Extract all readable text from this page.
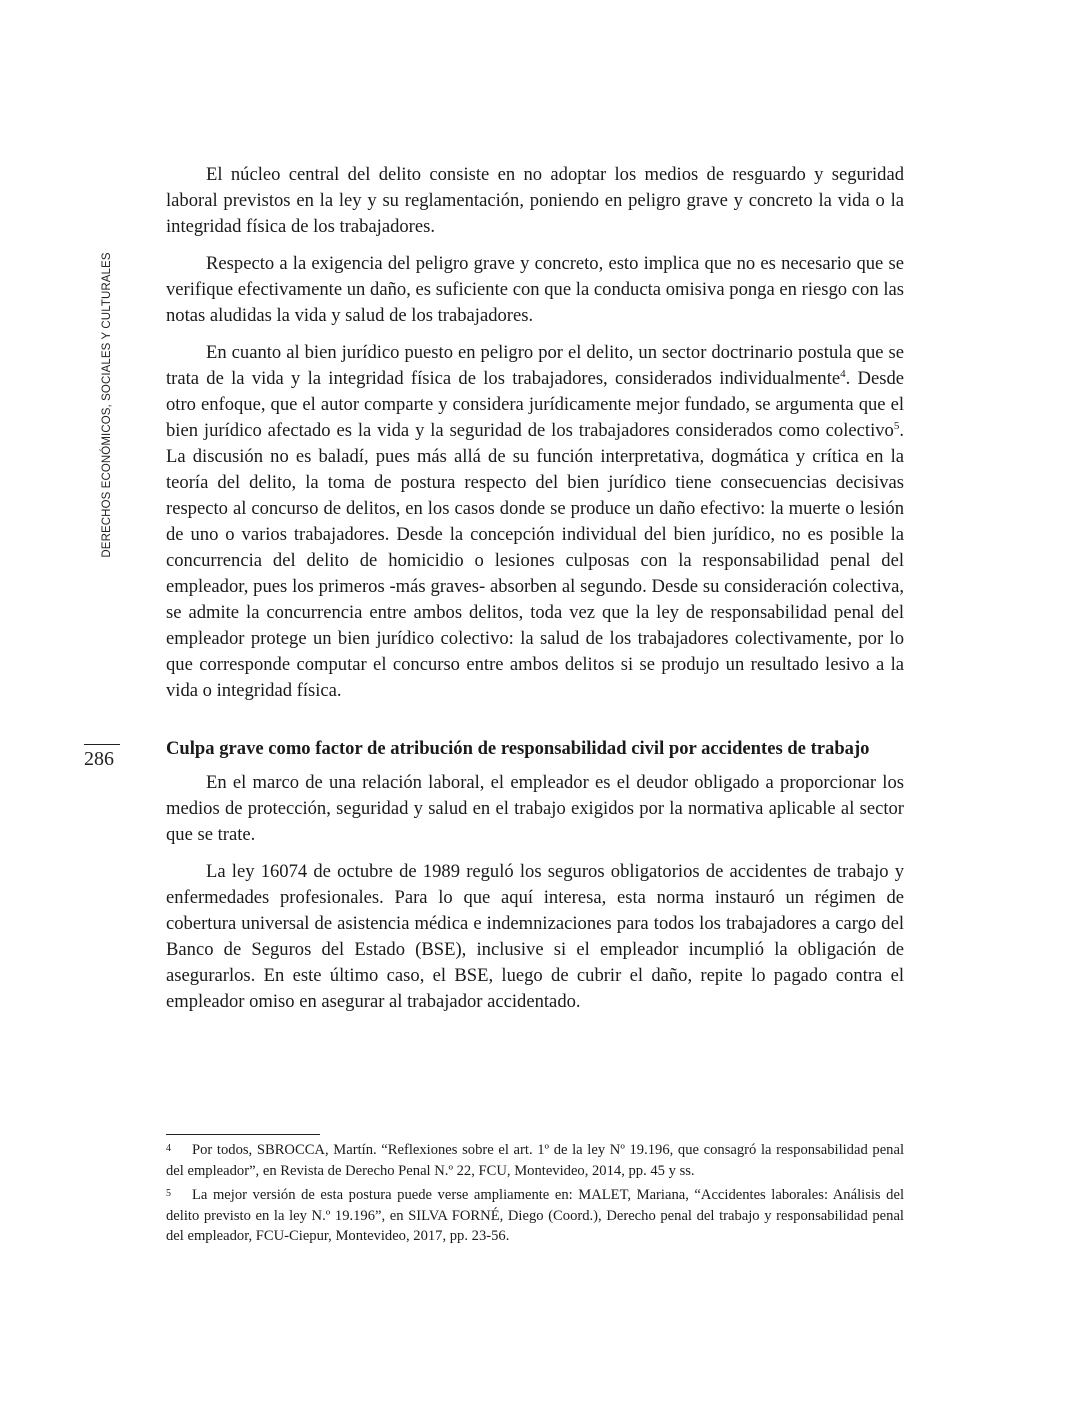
DERECHOS ECONÓMICOS, SOCIALES Y CULTURALES
286

El núcleo central del delito consiste en no adoptar los medios de resguardo y seguridad laboral previstos en la ley y su reglamentación, poniendo en peligro grave y concreto la vida o la integridad física de los trabajadores.

Respecto a la exigencia del peligro grave y concreto, esto implica que no es necesario que se verifique efectivamente un daño, es suficiente con que la conducta omisiva ponga en riesgo con las notas aludidas la vida y salud de los trabajadores.

En cuanto al bien jurídico puesto en peligro por el delito, un sector doctrinario postula que se trata de la vida y la integridad física de los trabajadores, considerados individualmente$^4$. Desde otro enfoque, que el autor comparte y considera jurídicamente mejor fundado, se argumenta que el bien jurídico afectado es la vida y la seguridad de los trabajadores considerados como colectivo$^5$. La discusión no es baladí, pues más allá de su función interpretativa, dogmática y crítica en la teoría del delito, la toma de postura respecto del bien jurídico tiene consecuencias decisivas respecto al concurso de delitos, en los casos donde se produce un daño efectivo: la muerte o lesión de uno o varios trabajadores. Desde la concepción individual del bien jurídico, no es posible la concurrencia del delito de homicidio o lesiones culposas con la responsabilidad penal del empleador, pues los primeros -más graves- absorben al segundo. Desde su consideración colectiva, se admite la concurrencia entre ambos delitos, toda vez que la ley de responsabilidad penal del empleador protege un bien jurídico colectivo: la salud de los trabajadores colectivamente, por lo que corresponde computar el concurso entre ambos delitos si se produjo un resultado lesivo a la vida o integridad física.

Culpa grave como factor de atribución de responsabilidad civil por accidentes de trabajo

En el marco de una relación laboral, el empleador es el deudor obligado a proporcionar los medios de protección, seguridad y salud en el trabajo exigidos por la normativa aplicable al sector que se trate.

La ley 16074 de octubre de 1989 reguló los seguros obligatorios de accidentes de trabajo y enfermedades profesionales. Para lo que aquí interesa, esta norma instauró un régimen de cobertura universal de asistencia médica e indemnizaciones para todos los trabajadores a cargo del Banco de Seguros del Estado (BSE), inclusive si el empleador incumplió la obligación de asegurarlos. En este último caso, el BSE, luego de cubrir el daño, repite lo pagado contra el empleador omiso en asegurar al trabajador accidentado.

4 Por todos, SBROCCA, Martín. “Reflexiones sobre el art. 1º de la ley Nº 19.196, que consagró la responsabilidad penal del empleador”, en Revista de Derecho Penal N.º 22, FCU, Montevideo, 2014, pp. 45 y ss.
5 La mejor versión de esta postura puede verse ampliamente en: MALET, Mariana, “Accidentes laborales: Análisis del delito previsto en la ley N.º 19.196”, en SILVA FORNÉ, Diego (Coord.), Derecho penal del trabajo y responsabilidad penal del empleador, FCU-Ciepur, Montevideo, 2017, pp. 23-56.
